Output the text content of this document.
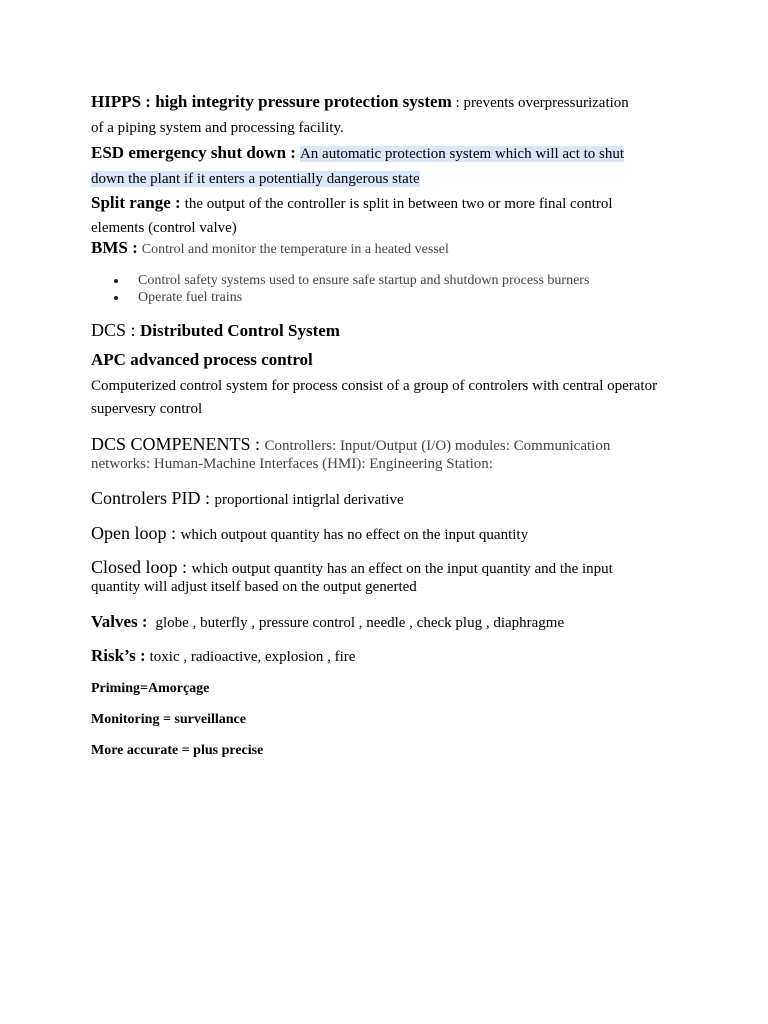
HIPPS : high integrity pressure protection system : prevents overpressurization
of a piping system and processing facility.
ESD emergency shut down : An automatic protection system which will act to shut
down the plant if it enters a potentially dangerous state
Split range : the output of the controller is split in between two or more final control
elements (control valve)
BMS : Control and monitor the temperature in a heated vessel
Control safety systems used to ensure safe startup and shutdown process burners
Operate fuel trains
DCS : Distributed Control System
APC advanced process control
Computerized control system for process consist of a group of controlers with central operator
supervesry control
DCS COMPENENTS : Controllers: Input/Output (I/O) modules: Communication
networks: Human-Machine Interfaces (HMI): Engineering Station:
Controlers PID : proportional intigrlal derivative
Open loop : which outpout quantity has no effect on the input quantity
Closed loop : which output quantity has an effect on the input quantity and the input
quantity will adjust itself based on the output generted
Valves : globe , buterfly , pressure control , needle , check plug , diaphragme
Risk’s : toxic , radioactive, explosion , fire
Priming=Amorçage
Monitoring = surveillance
More accurate = plus precise
